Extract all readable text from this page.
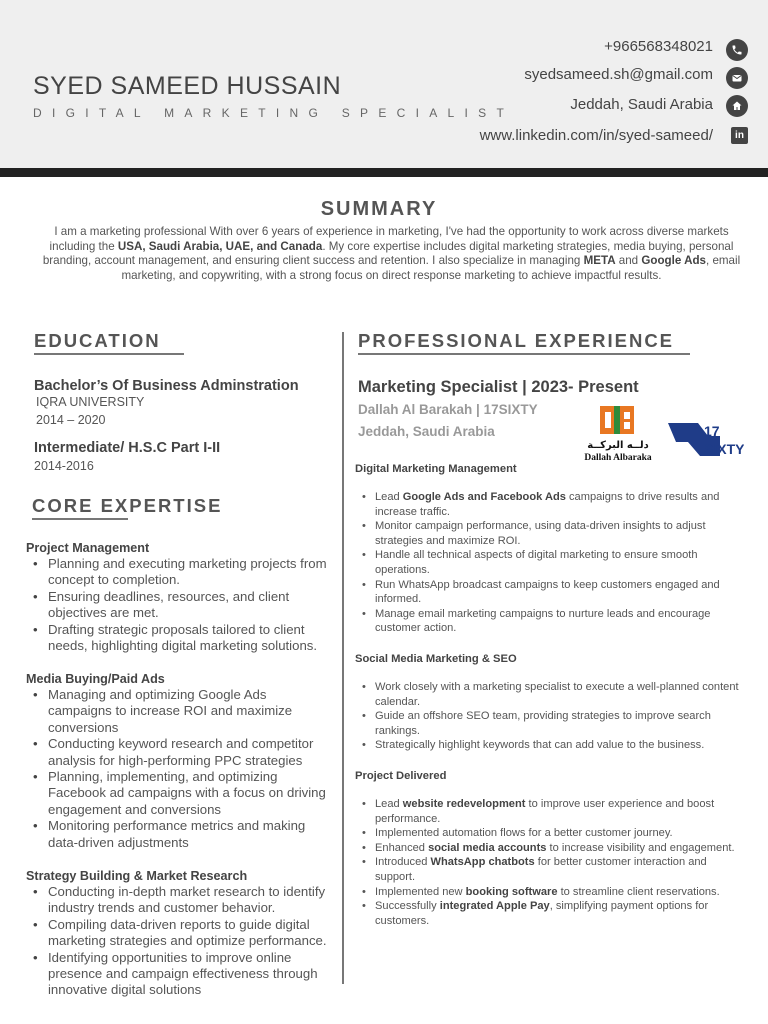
SYED SAMEED HUSSAIN
DIGITAL MARKETING SPECIALIST
+966568348021
syedsameed.sh@gmail.com
Jeddah, Saudi Arabia
www.linkedin.com/in/syed-sameed/	in
SUMMARY
I am a marketing professional With over 6 years of experience in marketing, I've had the opportunity to work across diverse markets including the USA, Saudi Arabia, UAE, and Canada. My core expertise includes digital marketing strategies, media buying, personal branding, account management, and ensuring client success and retention. I also specialize in managing META and Google Ads, email marketing, and copywriting, with a strong focus on direct response marketing to achieve impactful results.
EDUCATION
Bachelor’s Of Business Adminstration
IQRA UNIVERSITY
2014 – 2020
Intermediate/ H.S.C Part I-II
2014-2016
CORE EXPERTISE

Project Management

• Planning and executing marketing projects from concept to completion.
• Ensuring deadlines, resources, and client objectives are met.
• Drafting strategic proposals tailored to client needs, highlighting digital marketing solutions.

Media Buying/Paid Ads

• Managing and optimizing Google Ads campaigns to increase ROI and maximize conversions
• Conducting keyword research and competitor analysis for high-performing PPC strategies
• Planning, implementing, and optimizing Facebook ad campaigns with a focus on driving engagement and conversions
• Monitoring performance metrics and making data-driven adjustments

Strategy Building & Market Research

• Conducting in-depth market research to identify industry trends and customer behavior.
• Compiling data-driven reports to guide digital marketing strategies and optimize performance.
• Identifying opportunities to improve online presence and campaign effectiveness through innovative digital solutions
PROFESSIONAL EXPERIENCE
Marketing Specialist | 2023- Present
Dallah Al Barakah | 17SIXTY
Jeddah, Saudi Arabia
دلــه البركــة
Dallah Albaraka
17
SIXTY

Digital Marketing Management

• Lead Google Ads and Facebook Ads campaigns to drive results and increase traffic.
• Monitor campaign performance, using data-driven insights to adjust strategies and maximize ROI.
• Handle all technical aspects of digital marketing to ensure smooth operations.
• Run WhatsApp broadcast campaigns to keep customers engaged and informed.
• Manage email marketing campaigns to nurture leads and encourage customer action.

Social Media Marketing & SEO

• Work closely with a marketing specialist to execute a well-planned content calendar.
• Guide an offshore SEO team, providing strategies to improve search rankings.
• Strategically highlight keywords that can add value to the business.

Project Delivered

• Lead website redevelopment to improve user experience and boost performance.
• Implemented automation flows for a better customer journey.
• Enhanced social media accounts to increase visibility and engagement.
• Introduced WhatsApp chatbots for better customer interaction and support.
• Implemented new booking software to streamline client reservations.
• Successfully integrated Apple Pay, simplifying payment options for customers.
